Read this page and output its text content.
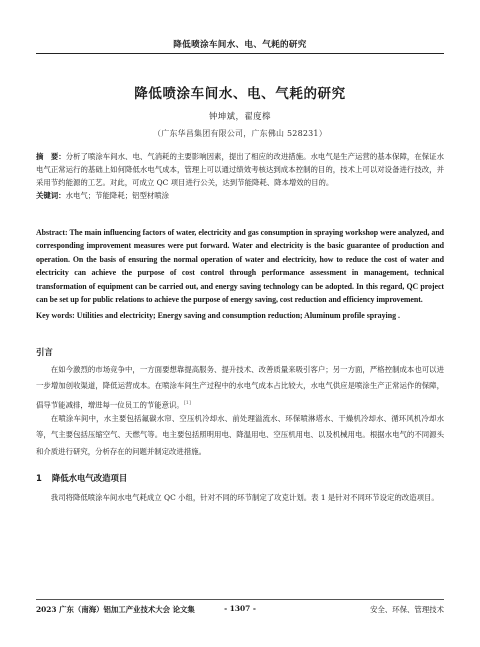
降低喷涂车间水、电、气耗的研究
降低喷涂车间水、电、气耗的研究
钟坤斌，翟度槔
（广东华昌集团有限公司，广东佛山 528231）
摘　要：分析了喷涂车间水、电、气消耗的主要影响因素，提出了相应的改进措施。水电气是生产运营的基本保障，在保证水电气正常运行的基础上如何降低水电气成本，管理上可以通过绩效考核达到成本控制的目的，技术上可以对设备进行技改，并采用节约能源的工艺。对此，可成立 QC 项目进行公关，达到节能降耗、降本增效的目的。
关键词：水电气；节能降耗；铝型材喷涂
Abstract: The main influencing factors of water, electricity and gas consumption in spraying workshop were analyzed, and corresponding improvement measures were put forward. Water and electricity is the basic guarantee of production and operation. On the basis of ensuring the normal operation of water and electricity, how to reduce the cost of water and electricity can achieve the purpose of cost control through performance assessment in management, technical transformation of equipment can be carried out, and energy saving technology can be adopted. In this regard, QC project can be set up for public relations to achieve the purpose of energy saving, cost reduction and efficiency improvement.
Key words: Utilities and electricity; Energy saving and consumption reduction; Aluminum profile spraying .
引言
在如今激烈的市场竞争中，一方面要想靠提高服务、提升技术、改善质量来吸引客户；另一方面，严格控制成本也可以进一步增加创收渠道，降低运营成本。在喷涂车间生产过程中的水电气成本占比较大，水电气供应是喷涂生产正常运作的保障，倡导节能减排，增进每一位员工的节能意识。[1]
在喷涂车间中，水主要包括氟碳水帘、空压机冷却水、前处理溢流水、环保喷淋塔水、干燥机冷却水、循环风机冷却水等，气主要包括压缩空气、天燃气等。电主要包括照明用电、降温用电、空压机用电、以及机械用电。根据水电气的不同源头和介质进行研究，分析存在的问题并制定改进措施。
1 降低水电气改造项目
我司将降低喷涂车间水电气耗成立 QC 小组，针对不同的环节制定了攻克计划。表 1 是针对不同环节设定的改造项目。
2023 广东（南海）铝加工产业技术大会 论文集	- 1307 -	安全、环保、管理技术
